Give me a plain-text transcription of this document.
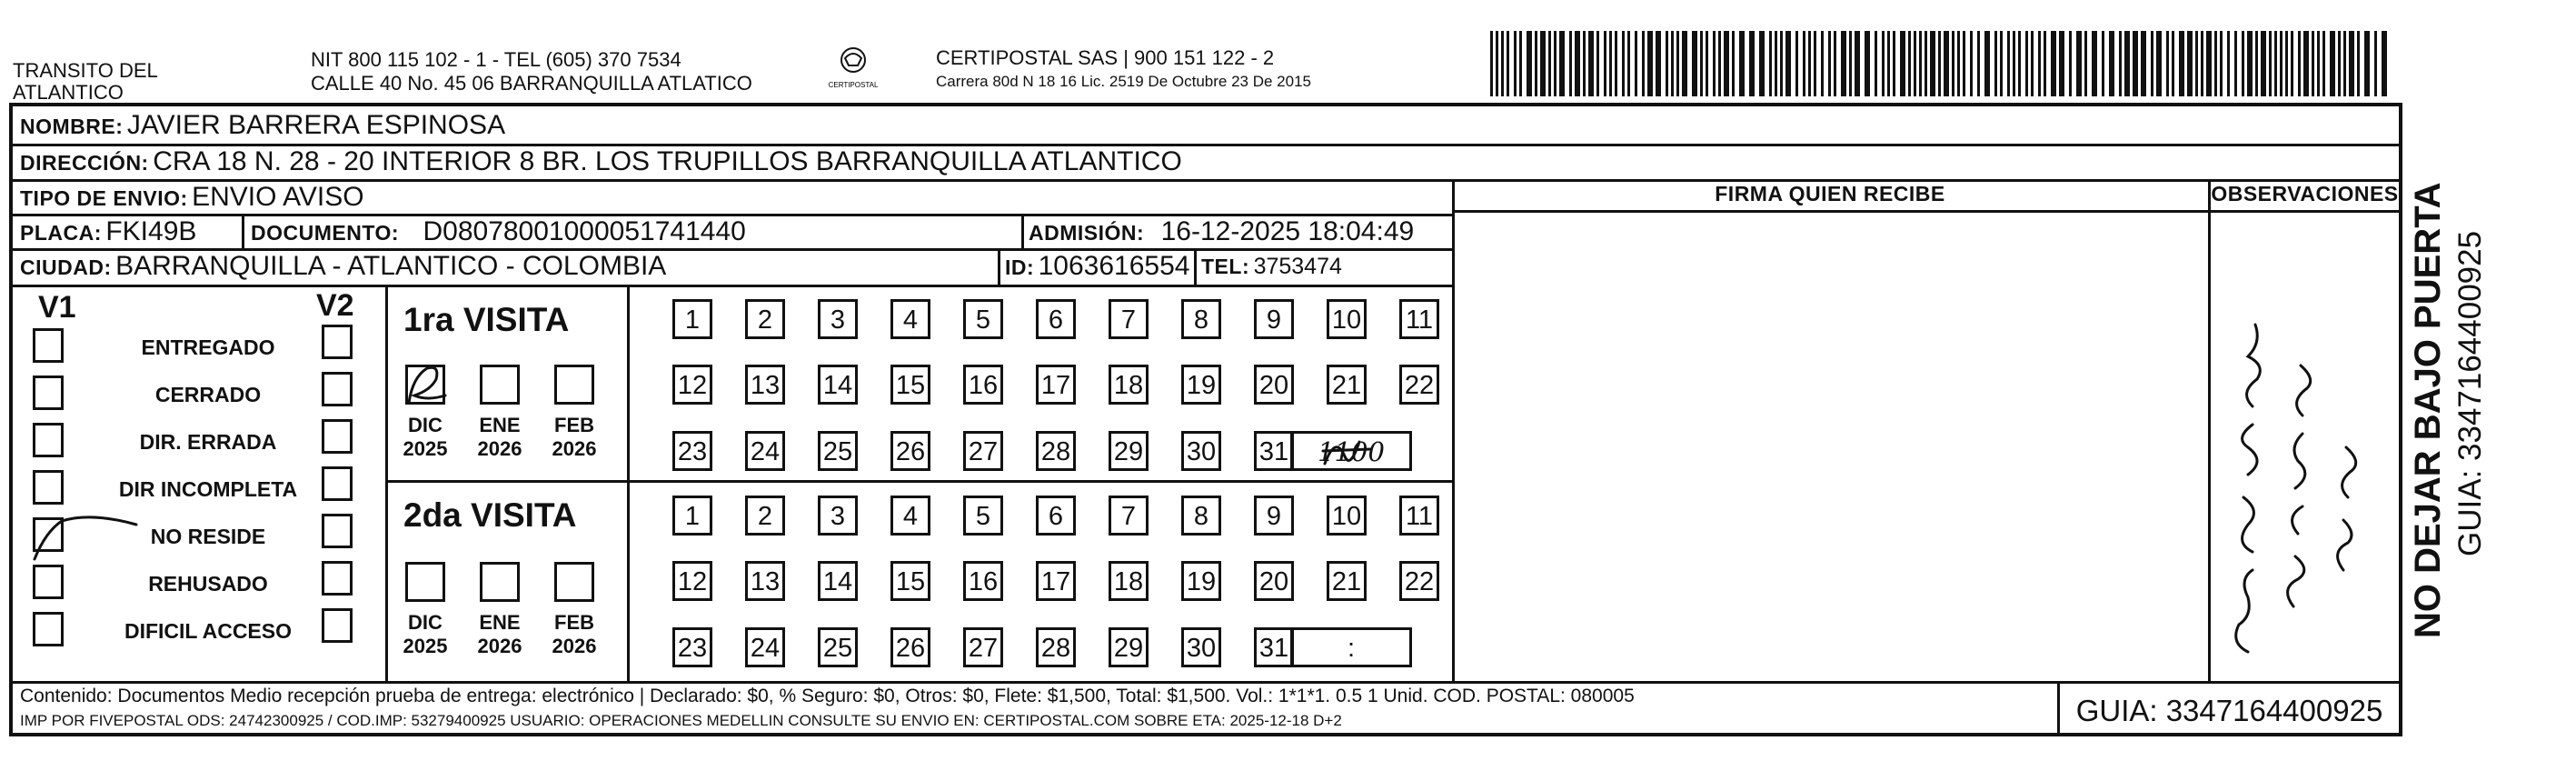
TRANSITO DEL ATLANTICO
NIT 800 115 102 - 1 - TEL (605) 370 7534
CALLE 40 No. 45 06 BARRANQUILLA ATLATICO	CERTIPOSTAL
CERTIPOSTAL SAS | 900 151 122 - 2
Carrera 80d N 18 16 Lic. 2519 De Octubre 23 De 2015
NOMBRE: JAVIER BARRERA ESPINOSA
DIRECCIÓN: CRA 18 N. 28 - 20 INTERIOR 8 BR. LOS TRUPILLOS BARRANQUILLA ATLANTICO
TIPO DE ENVIO: ENVIO AVISO
PLACA: FKI49B	DOCUMENTO: D08078001000051741440	ADMISIÓN: 16-12-2025 18:04:49
CIUDAD: BARRANQUILLA - ATLANTICO - COLOMBIA	ID: 1063616554 TEL: 3753474
FIRMA QUIEN RECIBE	OBSERVACIONES
V1	V2
ENTREGADO
CERRADO
DIR. ERRADA
DIR INCOMPLETA
NO RESIDE
REHUSADO
DIFICIL ACCESO
1ra VISITA
2da VISITA
DIC
2025
ENE
2026
FEB
2026
DIC
2025
ENE
2026
FEB
2026
1	2	3	4	5	6	7	8	9	10 11
12 13 14 15 16 17 18 19 20 21 22
23 24 25 26 27 28 29 30 31	1100
1	2	3	4	5	6	7	8	9	10 11
12 13 14 15 16 17 18 19 20 21 22
23 24 25 26 27 28 29 30 31	:
Contenido: Documentos Medio recepción prueba de entrega: electrónico | Declarado: $0, % Seguro: $0, Otros: $0, Flete: $1,500, Total: $1,500. Vol.: 1*1*1. 0.5 1 Unid. COD. POSTAL: 080005
IMP POR FIVEPOSTAL ODS: 24742300925 / COD.IMP: 53279400925 USUARIO: OPERACIONES MEDELLIN CONSULTE SU ENVIO EN: CERTIPOSTAL.COM SOBRE ETA: 2025-12-18 D+2	GUIA: 3347164400925
NO DEJAR BAJO PUERTA GUIA: 3347164400925
